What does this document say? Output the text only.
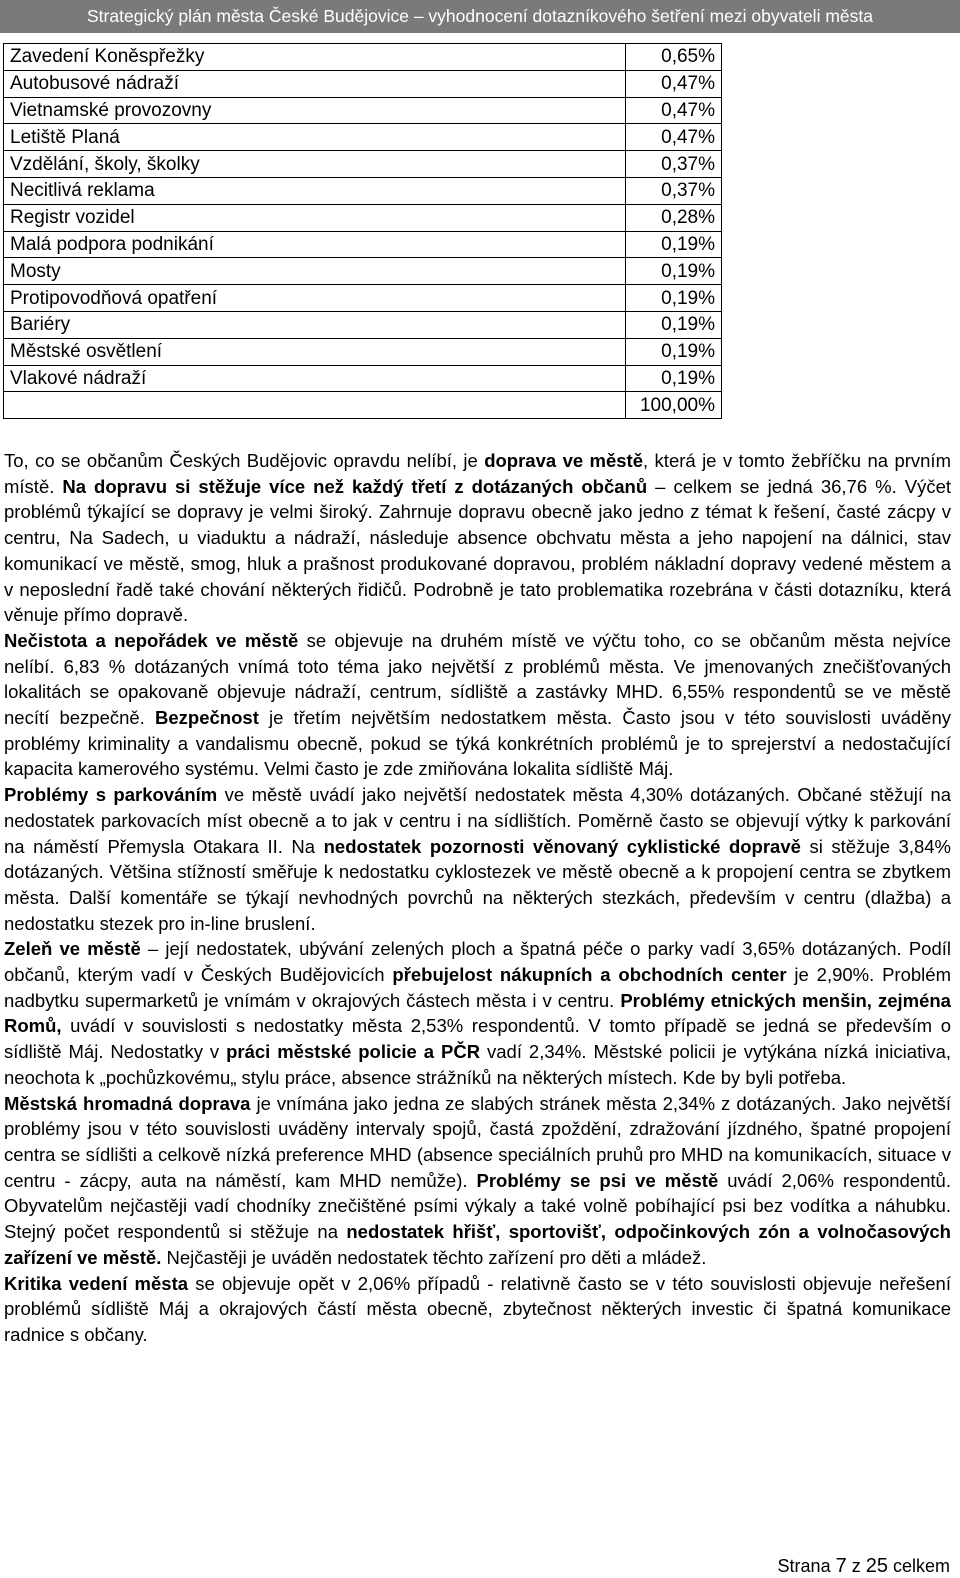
Strategický plán města České Budějovice – vyhodnocení dotazníkového šetření mezi obyvateli města
Zavedení Koněspřežky	0,65%
Autobusové nádraží	0,47%
Vietnamské provozovny	0,47%
Letiště Planá	0,47%
Vzdělání, školy, školky	0,37%
Necitlivá reklama	0,37%
Registr vozidel	0,28%
Malá podpora podnikání	0,19%
Mosty	0,19%
Protipovodňová opatření	0,19%
Bariéry	0,19%
Městské osvětlení	0,19%
Vlakové nádraží	0,19%
	100,00%

To, co se občanům Českých Budějovic opravdu nelíbí, je doprava ve městě, která je v tomto žebříčku na prvním místě. Na dopravu si stěžuje více než každý třetí z dotázaných občanů – celkem se jedná 36,76 %. Výčet problémů týkající se dopravy je velmi široký. Zahrnuje dopravu obecně jako jedno z témat k řešení, časté zácpy v centru, Na Sadech, u viaduktu a nádraží, následuje absence obchvatu města a jeho napojení na dálnici, stav komunikací ve městě, smog, hluk a prašnost produkované dopravou, problém nákladní dopravy vedené městem a v neposlední řadě také chování některých řidičů. Podrobně je tato problematika rozebrána v části dotazníku, která věnuje přímo dopravě.

Nečistota a nepořádek ve městě se objevuje na druhém místě ve výčtu toho, co se občanům města nejvíce nelíbí. 6,83 % dotázaných vnímá toto téma jako největší z problémů města. Ve jmenovaných znečišťovaných lokalitách se opakovaně objevuje nádraží, centrum, sídliště a zastávky MHD. 6,55% respondentů se ve městě necítí bezpečně. Bezpečnost je třetím největším nedostatkem města. Často jsou v této souvislosti uváděny problémy kriminality a vandalismu obecně, pokud se týká konkrétních problémů je to sprejerství a nedostačující kapacita kamerového systému. Velmi často je zde zmiňována lokalita sídliště Máj.

Problémy s parkováním ve městě uvádí jako největší nedostatek města 4,30% dotázaných. Občané stěžují na nedostatek parkovacích míst obecně a to jak v centru i na sídlištích. Poměrně často se objevují výtky k parkování na náměstí Přemysla Otakara II. Na nedostatek pozornosti věnovaný cyklistické dopravě si stěžuje 3,84% dotázaných. Většina stížností směřuje k nedostatku cyklostezek ve městě obecně a k propojení centra se zbytkem města. Další komentáře se týkají nevhodných povrchů na některých stezkách, především v centru (dlažba) a nedostatku stezek pro in-line bruslení.

Zeleň ve městě – její nedostatek, ubývání zelených ploch a špatná péče o parky vadí 3,65% dotázaných. Podíl občanů, kterým vadí v Českých Budějovicích přebujelost nákupních a obchodních center je 2,90%. Problém nadbytku supermarketů je vnímám v okrajových částech města i v centru. Problémy etnických menšin, zejména Romů, uvádí v souvislosti s nedostatky města 2,53% respondentů. V tomto případě se jedná se především o sídliště Máj. Nedostatky v práci městské policie a PČR vadí 2,34%. Městské policii je vytýkána nízká iniciativa, neochota k „pochůzkovému„ stylu práce, absence strážníků na některých místech. Kde by byli potřeba.

Městská hromadná doprava je vnímána jako jedna ze slabých stránek města 2,34% z dotázaných. Jako největší problémy jsou v této souvislosti uváděny intervaly spojů, častá zpoždění, zdražování jízdného, špatné propojení centra se sídlišti a celkově nízká preference MHD (absence speciálních pruhů pro MHD na komunikacích, situace v centru - zácpy, auta na náměstí, kam MHD nemůže). Problémy se psi ve městě uvádí 2,06% respondentů. Obyvatelům nejčastěji vadí chodníky znečištěné psími výkaly a také volně pobíhající psi bez vodítka a náhubku. Stejný počet respondentů si stěžuje na nedostatek hřišť, sportovišť, odpočinkových zón a volnočasových zařízení ve městě. Nejčastěji je uváděn nedostatek těchto zařízení pro děti a mládež.

Kritika vedení města se objevuje opět v 2,06% případů - relativně často se v této souvislosti objevuje neřešení problémů sídliště Máj a okrajových částí města obecně, zbytečnost některých investic či špatná komunikace radnice s občany.

Strana 7 z 25 celkem
